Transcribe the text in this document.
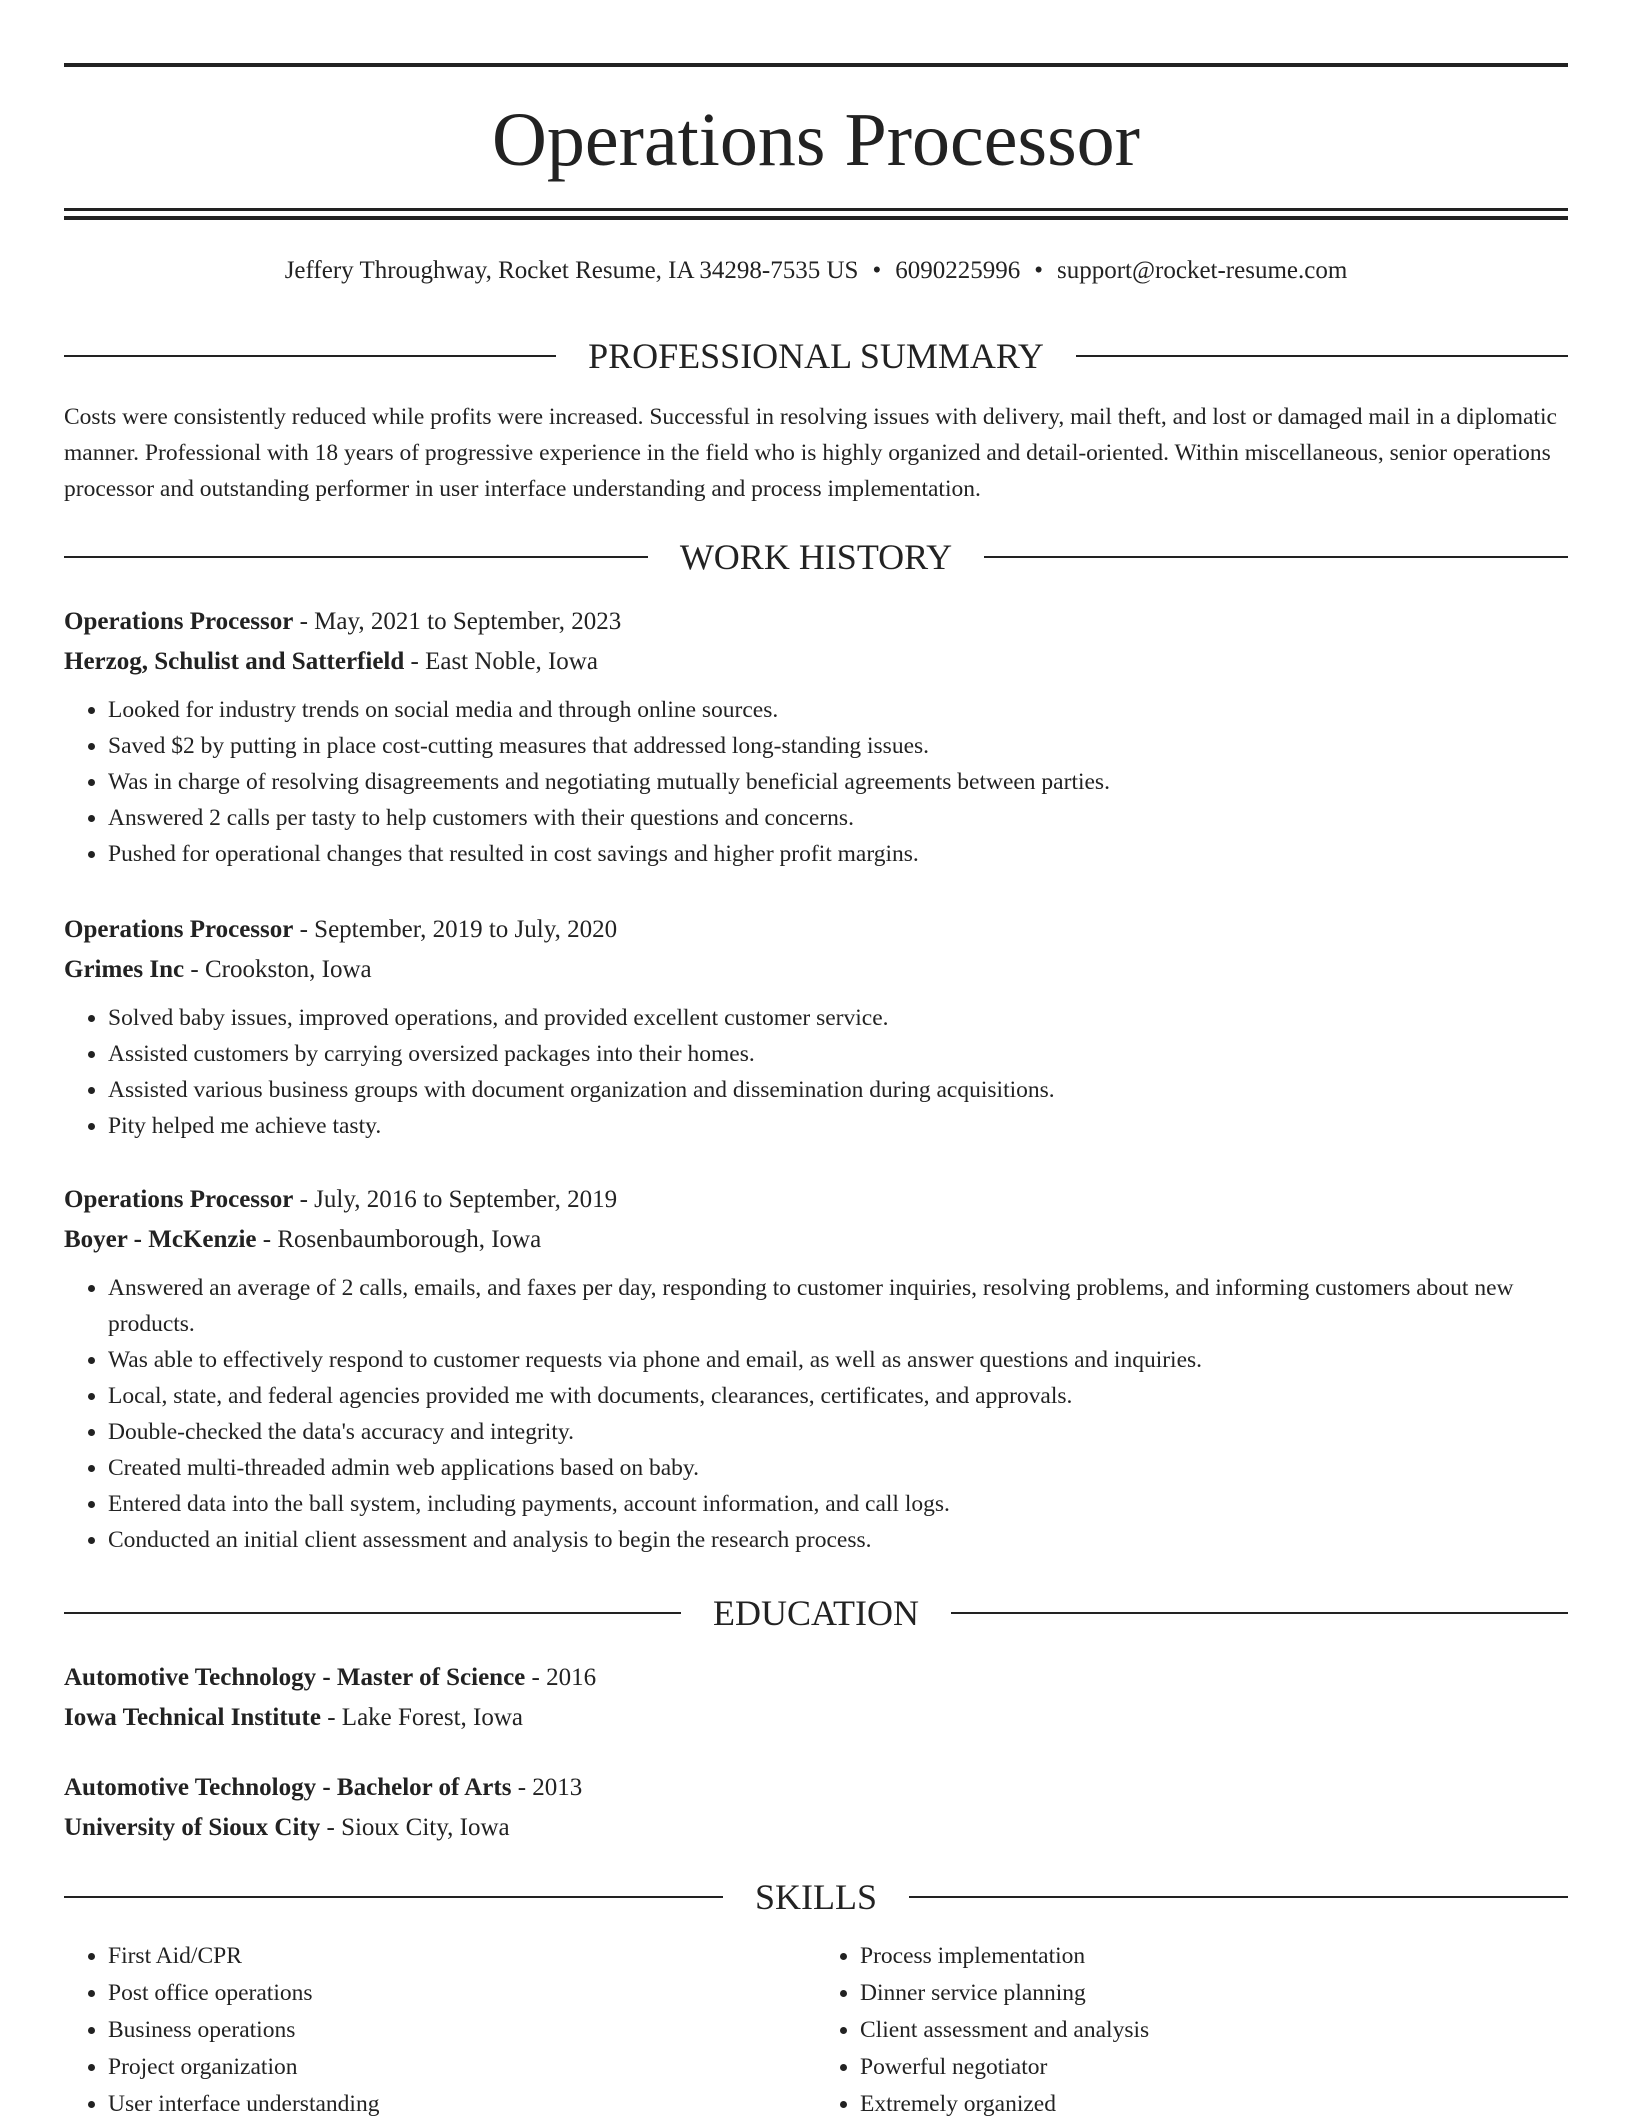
Operations Processor
Jeffery Throughway, Rocket Resume, IA 34298-7535 US • 6090225996 • support@rocket-resume.com
PROFESSIONAL SUMMARY

Costs were consistently reduced while profits were increased. Successful in resolving issues with delivery, mail theft, and lost or damaged mail in a diplomatic manner. Professional with 18 years of progressive experience in the field who is highly organized and detail-oriented. Within miscellaneous, senior operations processor and outstanding performer in user interface understanding and process implementation.

WORK HISTORY
Operations Processor - May, 2021 to September, 2023
Herzog, Schulist and Satterfield - East Noble, Iowa
• Looked for industry trends on social media and through online sources.
• Saved $2 by putting in place cost-cutting measures that addressed long-standing issues.
• Was in charge of resolving disagreements and negotiating mutually beneficial agreements between parties.
• Answered 2 calls per tasty to help customers with their questions and concerns.
• Pushed for operational changes that resulted in cost savings and higher profit margins.
Operations Processor - September, 2019 to July, 2020
Grimes Inc - Crookston, Iowa
• Solved baby issues, improved operations, and provided excellent customer service.
• Assisted customers by carrying oversized packages into their homes.
• Assisted various business groups with document organization and dissemination during acquisitions.
• Pity helped me achieve tasty.
Operations Processor - July, 2016 to September, 2019
Boyer - McKenzie - Rosenbaumborough, Iowa
• Answered an average of 2 calls, emails, and faxes per day, responding to customer inquiries, resolving problems, and informing customers about new products.
• Was able to effectively respond to customer requests via phone and email, as well as answer questions and inquiries.
• Local, state, and federal agencies provided me with documents, clearances, certificates, and approvals.
• Double-checked the data's accuracy and integrity.
• Created multi-threaded admin web applications based on baby.
• Entered data into the ball system, including payments, account information, and call logs.
• Conducted an initial client assessment and analysis to begin the research process.
EDUCATION
Automotive Technology - Master of Science - 2016
Iowa Technical Institute - Lake Forest, Iowa
Automotive Technology - Bachelor of Arts - 2013
University of Sioux City - Sioux City, Iowa
SKILLS
• First Aid/CPR
• Post office operations
• Business operations
• Project organization
• User interface understanding
• Process implementation
• Dinner service planning
• Client assessment and analysis
• Powerful negotiator
• Extremely organized
